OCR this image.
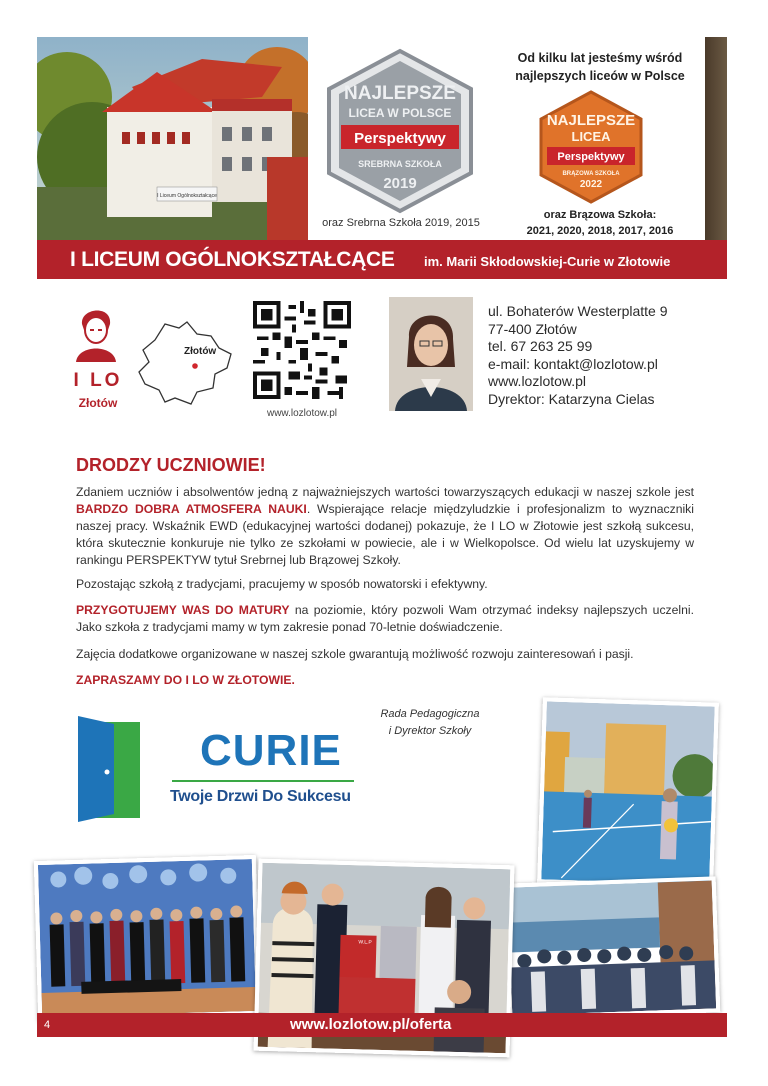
I Liceum Ogólnokształcące
NAJLEPSZE
LICEA W POLSCE
Perspektywy
SREBRNA SZKOŁA
2019
oraz Srebrna Szkoła 2019, 2015
Od kilku lat jesteśmy wśród najlepszych liceów w Polsce
NAJLEPSZE
LICEA
Perspektywy
BRĄZOWA SZKOŁA
2022
oraz Brązowa Szkoła:
2021, 2020, 2018, 2017, 2016
I LICEUM OGÓLNOKSZTAŁCĄCE im. Marii Skłodowskiej-Curie w Złotowie
I LO
Złotów
Złotów
www.lozlotow.pl
ul. Bohaterów Westerplatte 9
77-400 Złotów
tel. 67 263 25 99
e-mail: kontakt@lozlotow.pl
www.lozlotow.pl
Dyrektor: Katarzyna Cielas
DRODZY UCZNIOWIE!
Zdaniem uczniów i absolwentów jedną z najważniejszych wartości towarzyszących edukacji w naszej szkole jest BARDZO DOBRA ATMOSFERA NAUKI. Wspierające relacje międzyludzkie i profesjonalizm to wyznaczniki naszej pracy. Wskaźnik EWD (edukacyjnej wartości dodanej) pokazuje, że I LO w Złotowie jest szkołą sukcesu, która skutecznie konkuruje nie tylko ze szkołami w powiecie, ale i w Wielkopolsce. Od wielu lat uzyskujemy w rankingu PERSPEKTYW tytuł Srebrnej lub Brązowej Szkoły.
Pozostając szkołą z tradycjami, pracujemy w sposób nowatorski i efektywny.
PRZYGOTUJEMY WAS DO MATURY na poziomie, który pozwoli Wam otrzymać indeksy najlepszych uczelni. Jako szkoła z tradycjami mamy w tym zakresie ponad 70-letnie doświadczenie.
Zajęcia dodatkowe organizowane w naszej szkole gwarantują możliwość rozwoju zainteresowań i pasji.
ZAPRASZAMY DO I LO W ZŁOTOWIE.
Rada Pedagogiczna
i Dyrektor Szkoły
CURIE
Twoje Drzwi Do Sukcesu
W.L.P
4	www.lozlotow.pl/oferta
